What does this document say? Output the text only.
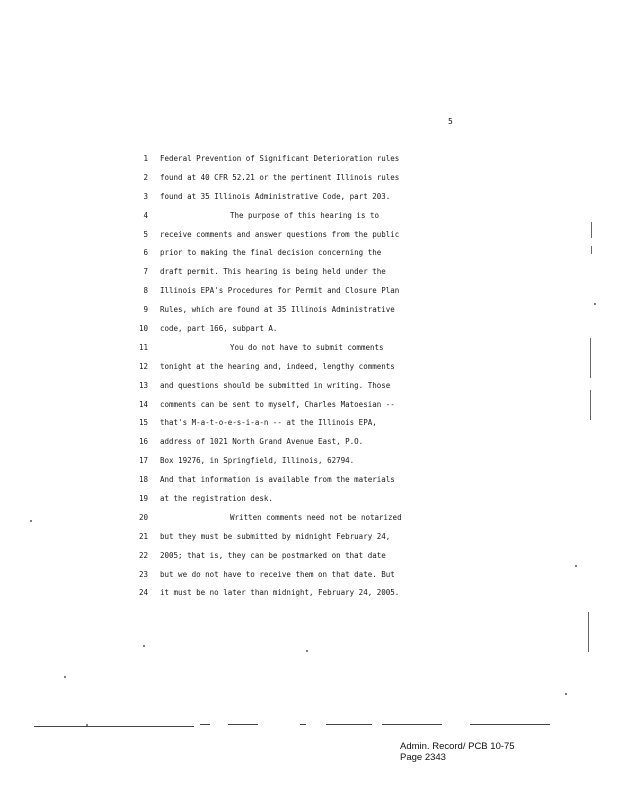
5
1 Federal Prevention of Significant Deterioration rules
2 found at 40 CFR 52.21 or the pertinent Illinois rules
3 found at 35 Illinois Administrative Code, part 203.
4	The purpose of this hearing is to
5 receive comments and answer questions from the public
6 prior to making the final decision concerning the
7 draft permit. This hearing is being held under the
8 Illinois EPA's Procedures for Permit and Closure Plan
9 Rules, which are found at 35 Illinois Administrative
10 code, part 166, subpart A.
11	You do not have to submit comments
12 tonight at the hearing and, indeed, lengthy comments
13 and questions should be submitted in writing. Those
14 comments can be sent to myself, Charles Matoesian --
15 that's M-a-t-o-e-s-i-a-n -- at the Illinois EPA,
16 address of 1021 North Grand Avenue East, P.O.
17 Box 19276, in Springfield, Illinois, 62794.
18 And that information is available from the materials
19 at the registration desk.
20	Written comments need not be notarized
21 but they must be submitted by midnight February 24,
22 2005; that is, they can be postmarked on that date
23 but we do not have to receive them on that date. But
24 it must be no later than midnight, February 24, 2005.
Admin. Record/ PCB 10-75
Page 2343
